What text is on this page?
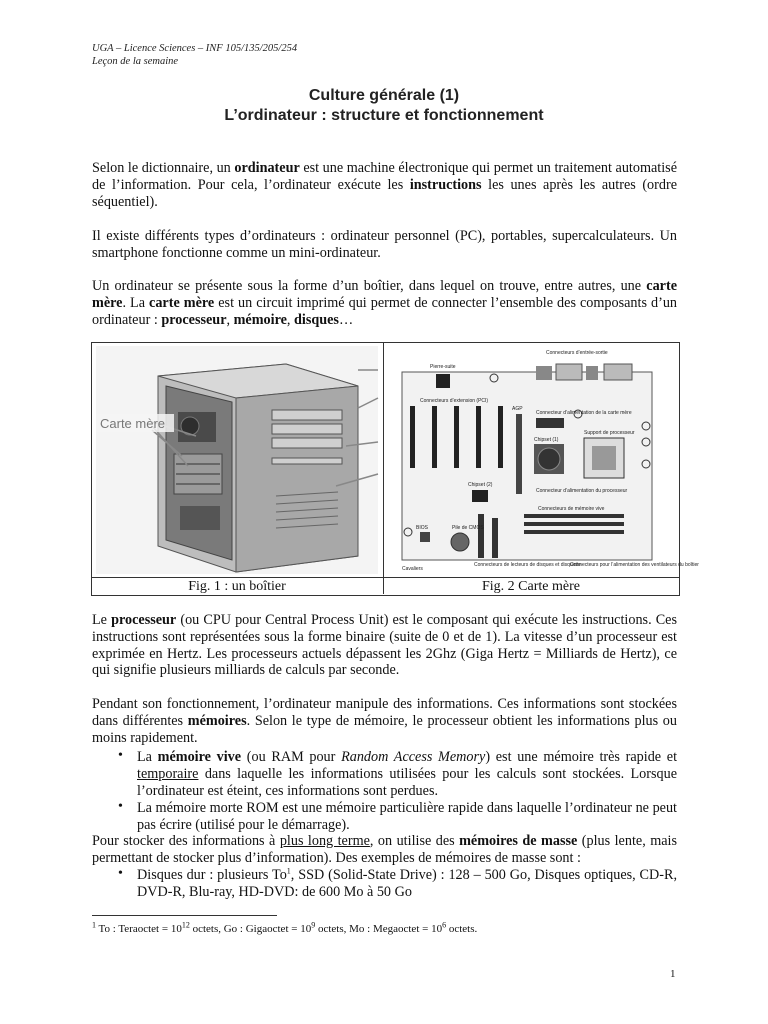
UGA – Licence Sciences – INF 105/135/205/254
Leçon de la semaine
Culture générale (1)
L’ordinateur : structure et fonctionnement
Selon le dictionnaire, un ordinateur est une machine électronique qui permet un traitement automatisé de l’information. Pour cela, l’ordinateur exécute les instructions les unes après les autres (ordre séquentiel).
Il existe différents types d’ordinateurs : ordinateur personnel (PC), portables, supercalculateurs. Un smartphone fonctionne comme un mini-ordinateur.
Un ordinateur se présente sous la forme d’un boîtier, dans lequel on trouve, entre autres, une carte mère. La carte mère est un circuit imprimé qui permet de connecter l’ensemble des composants d’un ordinateur : processeur, mémoire, disques…
Carte mère
Connecteurs d’entrée-sortie
Pierre-suite
Connecteurs d’extension (PCI)
AGP
Connecteur d’alimentation de la carte mère
Support de processeur
Chipset (1)
Chipset (2)
Connecteur d’alimentation du processeur
Connecteurs de mémoire vive
BIOS	Pile de CMOS
Cavaliers
Connecteurs de lecteurs de disques et disquette
Connecteurs pour l’alimentation des ventilateurs du boîtier
Fig. 1 : un boîtier	Fig. 2 Carte mère
Le processeur (ou CPU pour Central Process Unit) est le composant qui exécute les instructions. Ces instructions sont représentées sous la forme binaire (suite de 0 et de 1). La vitesse d’un processeur est exprimée en Hertz. Les processeurs actuels dépassent les 2Ghz (Giga Hertz = Milliards de Hertz), ce qui signifie plusieurs milliards de calculs par seconde.
Pendant son fonctionnement, l’ordinateur manipule des informations. Ces informations sont stockées dans différentes mémoires. Selon le type de mémoire, le processeur obtient les informations plus ou moins rapidement.
• La mémoire vive (ou RAM pour Random Access Memory) est une mémoire très rapide et temporaire dans laquelle les informations utilisées pour les calculs sont stockées. Lorsque l’ordinateur est éteint, ces informations sont perdues.
• La mémoire morte ROM est une mémoire particulière rapide dans laquelle l’ordinateur ne peut pas écrire (utilisé pour le démarrage).
Pour stocker des informations à plus long terme, on utilise des mémoires de masse (plus lente, mais permettant de stocker plus d’information). Des exemples de mémoires de masse sont :
• Disques dur : plusieurs To$^1$, SSD (Solid-State Drive) : 128 – 500 Go, Disques optiques, CD-R, DVD-R, Blu-ray, HD-DVD: de 600 Mo à 50 Go
$^1$ To : Teraoctet = $10^{12}$ octets, Go : Gigaoctet = $10^9$ octets, Mo : Megaoctet = $10^6$ octets.
1
